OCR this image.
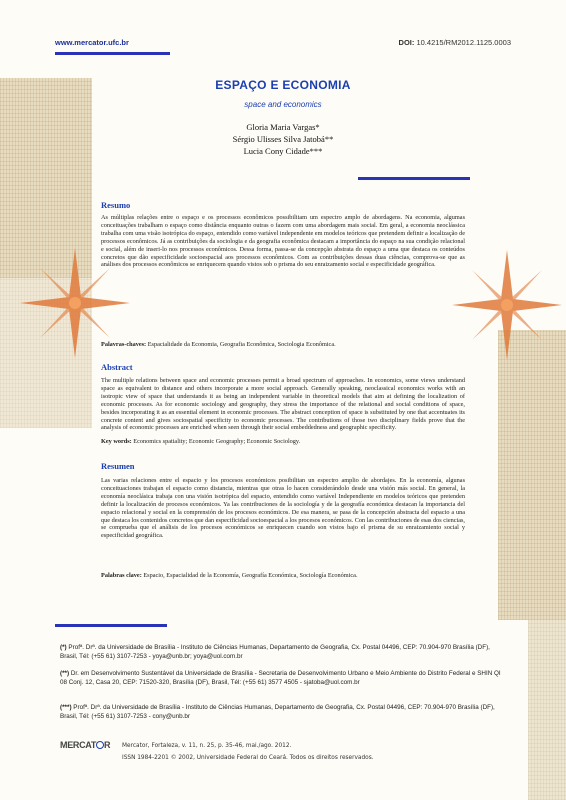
www.mercator.ufc.br	DOI: 10.4215/RM2012.1125.0003
ESPAÇO E ECONOMIA
space and economics
Gloria Maria Vargas*
Sérgio Ulisses Silva Jatobá**
Lucia Cony Cidade***
Resumo
As múltiplas relações entre o espaço e os processos econômicos possibilitam um espectro amplo de abordagens. Na economia, algumas conceituações trabalham o espaço como distância enquanto outras o fazem com uma abordagem mais social. Em geral, a economia neoclássica trabalha com uma visão isotrópica do espaço, entendido como variável independente em modelos teóricos que pretendem definir a localização de processos econômicos. Já as contribuições da sociologia e da geografia econômica destacam a importância do espaço na sua condição relacional e social, além de inseri-lo nos processos econômicos. Dessa forma, passa-se da concepção abstrata do espaço a uma que destaca os conteúdos concretos que dão especificidade socioespacial aos processos econômicos. Com as contribuições dessas duas ciências, comprova-se que as análises dos processos econômicos se enriquecem quando vistos sob o prisma do seu enraizamento social e especificidade geográfica.
Palavras-chaves: Espacialidade da Economia, Geografia Econômica, Sociologia Econômica.
Abstract
The multiple relations between space and economic processes permit a broad spectrum of approaches. In economics, some views understand space as equivalent to distance and others incorporate a more social approach. Generally speaking, neoclassical economics works with an isotropic view of space that understands it as being an independent variable in theoretical models that aim at defining the localization of economic processes. As for economic sociology and geography, they stress the importance of the relational and social conditions of space, besides incorporating it as an essential element in economic processes. The abstract conception of space is substituted by one that accentuates its concrete content and gives sociospatial specificity to economic processes. The contributions of those two disciplinary fields prove that the analysis of economic processes are enriched when seen through their social embeddedness and geographic specificity.
Key words: Economics spatiality; Economic Geography; Economic Sociology.
Resumen
Las varias relaciones entre el espacio y los procesos económicos posibilitan un espectro amplio de abordajes. En la economía, algunas conceituaciones trabajan el espacio como distancia, mientras que otras lo hacen considerándolo desde una visión más social. En general, la economía neoclásica trabaja con una visión isotrópica del espacio, entendido como variável Independiente en modelos teóricos que pretenden definir la localización de procesos económicos. Ya las contribuciones de la sociología y de la geografía económica destacan la importancia del espacio relacional y social en la comprensión de los procesos económicos. De esa manera, se pasa de la concepción abstracta del espacio a una que destaca los contenidos concretos que dan especificidad socioespacial a los procesos económicos. Con las contribuciones de esas dos ciencias, se comprueba que el análisis de los procesos económicos se enriquecen cuando son vistos bajo el prisma de su enraizamiento social y especificidad geográfica.
Palabras clave: Espacio, Espacialidad de la Economía, Geografía Económica, Sociología Económica.
(*) Profª. Drª. da Universidade de Brasília - Instituto de Ciências Humanas, Departamento de Geografia, Cx. Postal 04496, CEP: 70.904-970 Brasília (DF), Brasil, Tél: (+55 61) 3107-7253 - yoya@unb.br; yoya@uol.com.br
(**) Dr. em Desenvolvimento Sustentável da Universidade de Brasília - Secretaria de Desenvolvimento Urbano e Meio Ambiente do Distrito Federal e SHIN QI 08 Conj. 12, Casa 20, CEP: 71520-320, Brasília (DF), Brasil, Tél: (+55 61) 3577 4505 - sjatoba@uol.com.br
(***) Profª. Drª. da Universidade de Brasília - Instituto de Ciências Humanas, Departamento de Geografia, Cx. Postal 04496, CEP: 70.904-970 Brasília (DF), Brasil, Tél: (+55 61) 3107-7253 - cony@unb.br
MERCAT R Mercator, Fortaleza, v. 11, n. 25, p. 35-46, mai./ago. 2012.
ISSN 1984-2201 © 2002, Universidade Federal do Ceará. Todos os direitos reservados.
